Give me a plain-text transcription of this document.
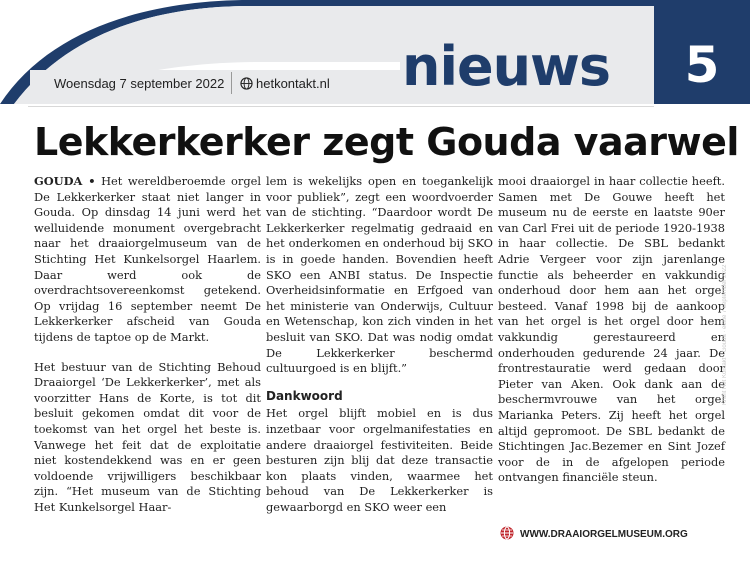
Woensdag 7 september 2022 hetkontakt.nl nieuws	5
Lekkerkerker zegt Gouda vaarwel

GOUDA • Het wereldberoemde orgel De Lekkerkerker staat niet langer in Gouda. Op dinsdag 14 juni werd het welluidende monument overgebracht naar het draaiorgelmuseum van de Stichting Het Kunkelsorgel Haarlem. Daar werd ook de overdrachtsovereenkomst getekend. Op vrijdag 16 september neemt De Lekkerkerker afscheid van Gouda tijdens de taptoe op de Markt.

Het bestuur van de Stichting Behoud Draaiorgel ‘De Lekkerkerker’, met als voorzitter Hans de Korte, is tot dit besluit gekomen omdat dit voor de toekomst van het orgel het beste is. Vanwege het feit dat de exploitatie niet kostendekkend was en er geen voldoende vrijwilligers beschikbaar zijn. “Het museum van de Stichting Het Kunkelsorgel Haar-

lem is wekelijks open en toegankelijk voor publiek”, zegt een woordvoerder van de stichting. “Daardoor wordt De Lekkerkerker regelmatig gedraaid en het onderkomen en onderhoud bij SKO is in goede handen. Bovendien heeft SKO een ANBI status. De Inspectie Overheidsinformatie en Erfgoed van het ministerie van Onderwijs, Cultuur en Wetenschap, kon zich vinden in het besluit van SKO. Dat was nodig omdat De Lekkerkerker beschermd cultuurgoed is en blijft.”

Dankwoord

Het orgel blijft mobiel en is dus inzetbaar voor orgelmanifestaties en andere draaiorgel festiviteiten. Beide besturen zijn blij dat deze transactie kon plaats vinden, waarmee het behoud van De Lekkerkerker is gewaarborgd en SKO weer een

mooi draaiorgel in haar collectie heeft. Samen met De Gouwe heeft het museum nu de eerste en laatste 90er van Carl Frei uit de periode 1920-1938 in haar collectie. De SBL bedankt Adrie Vergeer voor zijn jarenlange functie als beheerder en vakkundig onderhoud door hem aan het orgel besteed. Vanaf 1998 bij de aankoop van het orgel is het orgel door hem vakkundig gerestaureerd en onderhouden gedurende 24 jaar. De frontrestauratie werd gedaan door Pieter van Aken. Ook dank aan de beschermvrouwe van het orgel Marianka Peters. Zij heeft het orgel altijd gepromoot. De SBL bedankt de Stichtingen Jac.Bezemer en Sint Jozef voor de in de afgelopen periode ontvangen financiële steun.

WWW.DRAAIORGELMUSEUM.ORG
Krant Het Kontakt · Gouda · editie 7 september 2022
